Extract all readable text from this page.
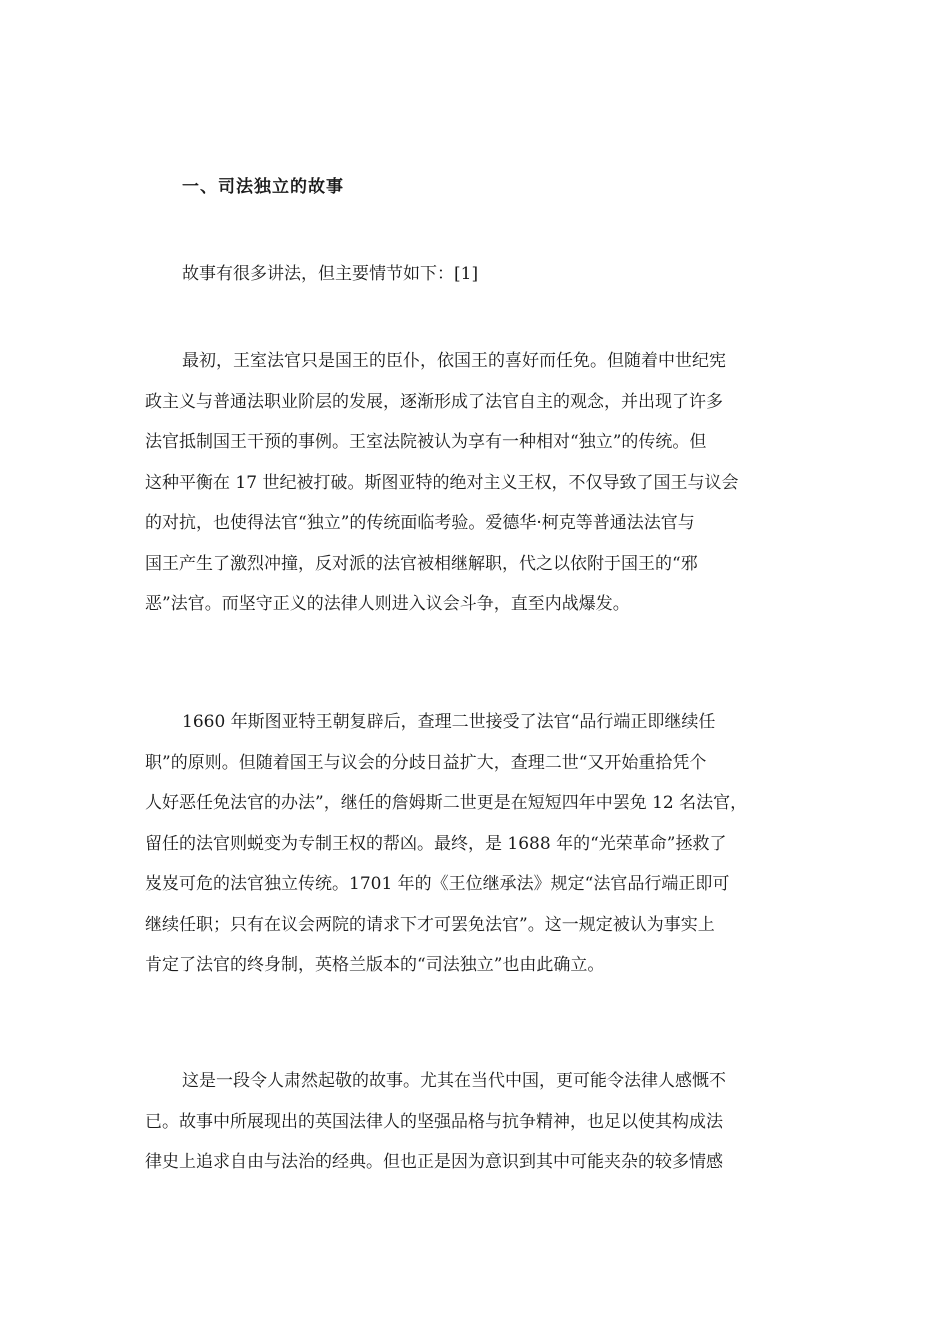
一、司法独立的故事
故事有很多讲法，但主要情节如下：[1]
最初，王室法官只是国王的臣仆，依国王的喜好而任免。但随着中世纪宪
政主义与普通法职业阶层的发展，逐渐形成了法官自主的观念，并出现了许多
法官抵制国王干预的事例。王室法院被认为享有一种相对“独立”的传统。但
这种平衡在 17 世纪被打破。斯图亚特的绝对主义王权，不仅导致了国王与议会
的对抗，也使得法官“独立”的传统面临考验。爱德华·柯克等普通法法官与
国王产生了激烈冲撞，反对派的法官被相继解职，代之以依附于国王的“邪
恶”法官。而坚守正义的法律人则进入议会斗争，直至内战爆发。
1660 年斯图亚特王朝复辟后，查理二世接受了法官“品行端正即继续任
职”的原则。但随着国王与议会的分歧日益扩大，查理二世“又开始重拾凭个
人好恶任免法官的办法”，继任的詹姆斯二世更是在短短四年中罢免 12 名法官，
留任的法官则蜕变为专制王权的帮凶。最终，是 1688 年的“光荣革命”拯救了
岌岌可危的法官独立传统。1701 年的《王位继承法》规定“法官品行端正即可
继续任职；只有在议会两院的请求下才可罢免法官”。这一规定被认为事实上
肯定了法官的终身制，英格兰版本的“司法独立”也由此确立。
这是一段令人肃然起敬的故事。尤其在当代中国，更可能令法律人感慨不
已。故事中所展现出的英国法律人的坚强品格与抗争精神，也足以使其构成法
律史上追求自由与法治的经典。但也正是因为意识到其中可能夹杂的较多情感
